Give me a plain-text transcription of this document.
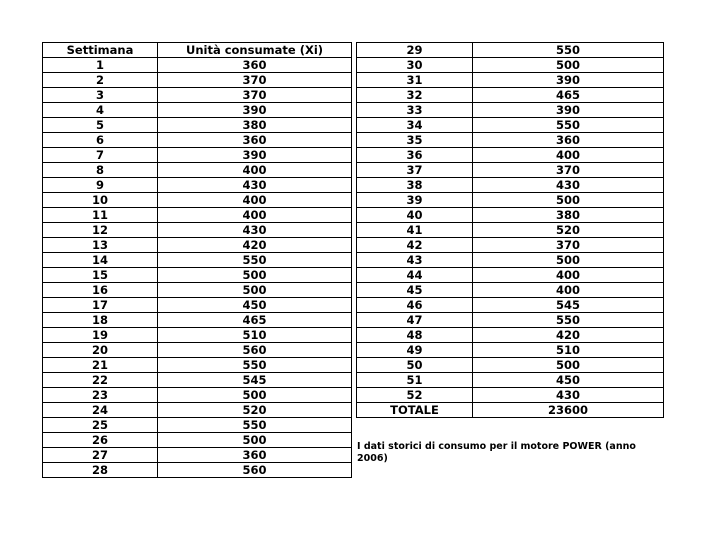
Settimana	Unità consumate (Xi)
1	360
2	370
3	370
4	390
5	380
6	360
7	390
8	400
9	430
10	400
11	400
12	430
13	420
14	550
15	500
16	500
17	450
18	465
19	510
20	560
21	550
22	545
23	500
24	520
25	550
26	500
27	360
28	560
29	550
30	500
31	390
32	465
33	390
34	550
35	360
36	400
37	370
38	430
39	500
40	380
41	520
42	370
43	500
44	400
45	400
46	545
47	550
48	420
49	510
50	500
51	450
52	430
TOTALE	23600
I dati storici di consumo per il motore POWER (anno 2006)
